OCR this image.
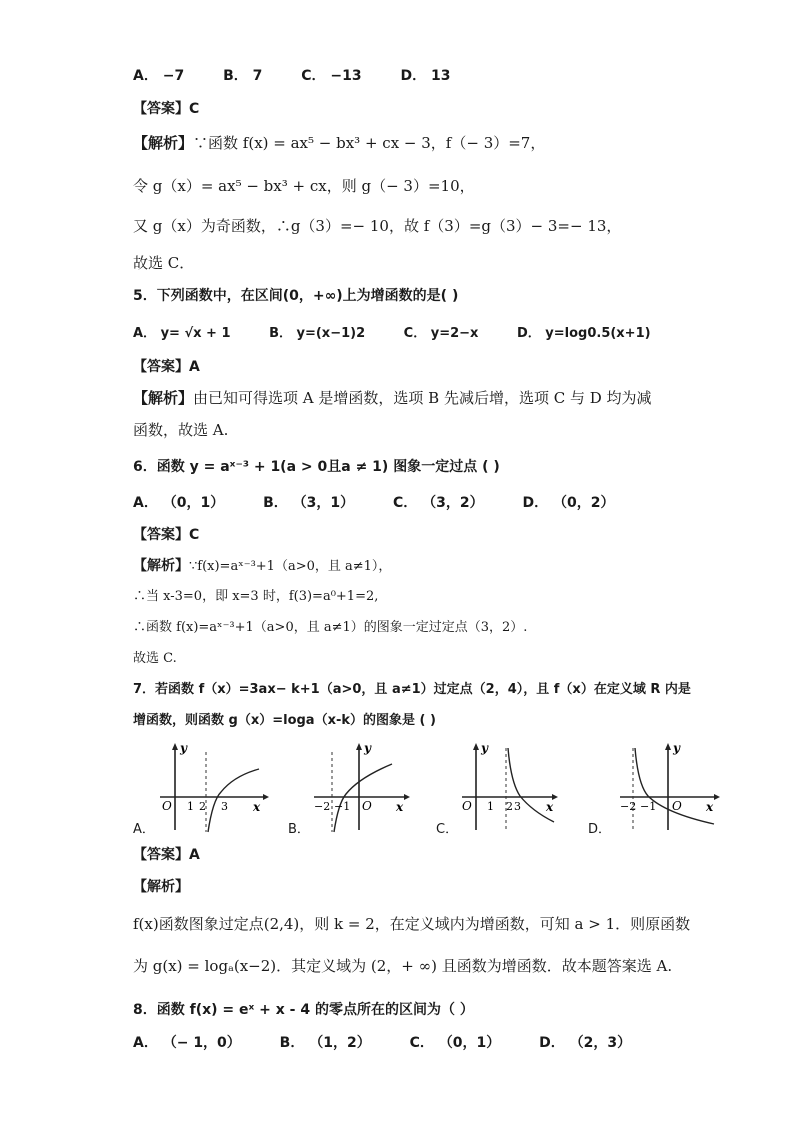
A． −7	B． 7	C． −13	D． 13
【答案】C
【解析】∵函数 f(x) = ax⁵ − bx³ + cx − 3，f（− 3）=7，
令 g（x）= ax⁵ − bx³ + cx，则 g（− 3）=10，
又 g（x）为奇函数，∴g（3）=− 10，故 f（3）=g（3）− 3=− 13，
故选 C．
5．下列函数中，在区间(0，+∞)上为增函数的是( )
A． y= √x + 1	B． y=(x−1)2	C． y=2−x	D． y=log0.5(x+1)
【答案】A
【解析】由已知可得选项 A 是增函数，选项 B 先减后增，选项 C 与 D 均为减
函数，故选 A.
6．函数 y = aˣ⁻³ + 1(a > 0且a ≠ 1) 图象一定过点 ( )
A． （0，1）	B． （3，1）	C． （3，2）	D． （0，2）
【答案】C
【解析】∵f(x)=aˣ⁻³+1（a>0，且 a≠1），
∴当 x-3=0，即 x=3 时，f(3)=a⁰+1=2,
∴函数 f(x)=aˣ⁻³+1（a>0，且 a≠1）的图象一定过定点（3，2）.
故选 C.
7．若函数 f（x）=3ax− k+1（a>0，且 a≠1）过定点（2，4），且 f（x）在定义域 R 内是
增函数，则函数 g（x）=loga（x-k）的图象是 ( )
y
O 1 2 3 x
A．
y
−2 −1 O x
B．
y
O 1 2 3 x
C．
y
−2 −1 O x
D．
【答案】A
【解析】
f(x)函数图象过定点(2,4)，则 k = 2，在定义域内为增函数，可知 a > 1．则原函数
为 g(x) = logₐ(x−2)．其定义域为 (2，+ ∞) 且函数为增函数．故本题答案选 A.
8．函数 f(x) = eˣ + x - 4 的零点所在的区间为（ ）
A． （− 1，0）	B． （1，2）	C． （0，1）	D． （2，3）
